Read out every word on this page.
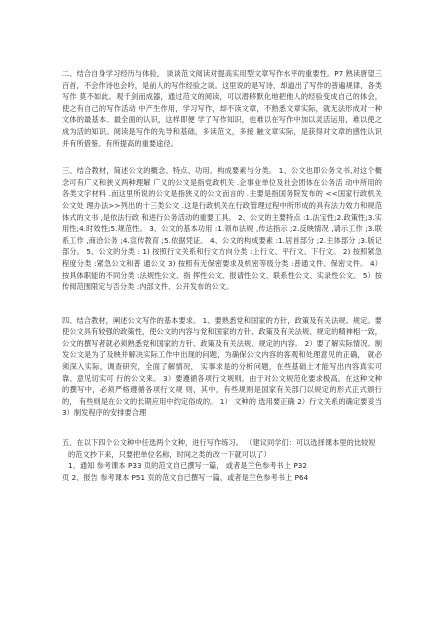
二、结合自身学习经历与体验， 谈谈范文阅读对提高实用型文章写作水平的重要性。P7 熟读唐望三百首，不会作诗也会吟，是前人的写作经验之谈。这里说的是写诗，却道出了写作的普遍规律，各类写作 莫不如此。观千剑而成器，通过范文的阅读，可以潜移默化地把他人的经验变成自己的体会， 使之有自己的写作活动 中产生作用，学习写作，却不读文章，不熟悉文章实际，就无法形成对一种文体的最基本、最全面的认识，这样即便 学了写作知识，也难以在写作中加以灵活运用，难以使之成为活的知识。阅读是写作的先导和基础，多读范文，多接 触文章实际，是获得对文章的感性认识并有所借鉴、有所提高的重要途径。

三、结合教材，简述公文的概念、特点、功用、构成要素与分类。 1、公文也即公务文书,对这个概念可有广义和狭义两种理解 广义的公文是指党政机关 .企事业单位及社会团体在公务活 动中所用的各类文字材料 .而这里所说的公文是指狭义的公文而言的 .主要是指国务院发布的 <<国家行政机关公文处 理办法>>列出的十三类公文 .这是行政机关在行政管理过程中所形成的具有法力效力和规范体式的文书 ,是依法行政 和进行公务活动的重要工具。 2、公文的主要特点 :1.法宝性;2.政策性;3.实用性;4.时效性;5.规范性。 3、公文的基本功用 :1.领布法规 ,传达指示 ;2.反映情况 ,请示工作 ;3.联系工作 ,商洽公务 ;4.宣传教育 ;5.依据凭证。 4、公文的构成要素 :1.居首部分 ;2.主体部分 ;3.版记部分。 5、公文的分类 : 1) 按照行文关系和行文方向分类 :上行文、平行文、下行文。 2) 按照紧急程度分类 :紧急公文和普 通公文 3) 按照有无保密要求及机密等级分类 :普通文件、保密文件。 4）按具体职能的不同分类 :法规性公文、指 挥性公文、报请性公文、联系性公文、实录性公文。 5）按传阅范围限定与否分类 :内部文件、公开发布的公文。

四、结合教材，阐述公文写作的基本要求。 1、要熟悉党和国家的方针，政策及有关法规。规定。要使公文具有较强的政策性，使公文的内容与党和国家的方针、政策及有关法规、规定的精神相一致，公文的撰写者就必须熟悉党和国家的方针、政策及有关法规、规定的内容。 2）要了解实际情况。制发公文是为了及映并解决实际工作中出现的问题，为确保公文内容的客观和处理意见的正确， 就必须深入实际，调查研究，全面了解情况， 实事求是的分析问题，在些基础上才能写出内容真实可靠、意见切实可 行的公文来。 3）要遵循各项行文规则。由于对公文规范化要求极高，在这种文种的撰写中，必须严格遵循各项行文规 则，其中，有些规则是国家有关部门以规定的形式正式颁行的， 有些则是在公文的长期应用中约定俗成的。 1） 文种的 选用要正确 2）行文关系的确定要妥当 3）制发程序的安排要合理

五、在以下四个公文种中任选两个文种，进行写作练习。 （建议同学们：可以选择课本里的比较短

的范文抄下来，只要把单位名称，时间之类的改一下就可以了）

1、通知 参考课本 P33 页的范文自已撰写一篇， 或者是兰色参考书上 P32

页 2、报告 参考课本 P51 页的范文自已撰写一篇，或者是兰色参考书上 P64
